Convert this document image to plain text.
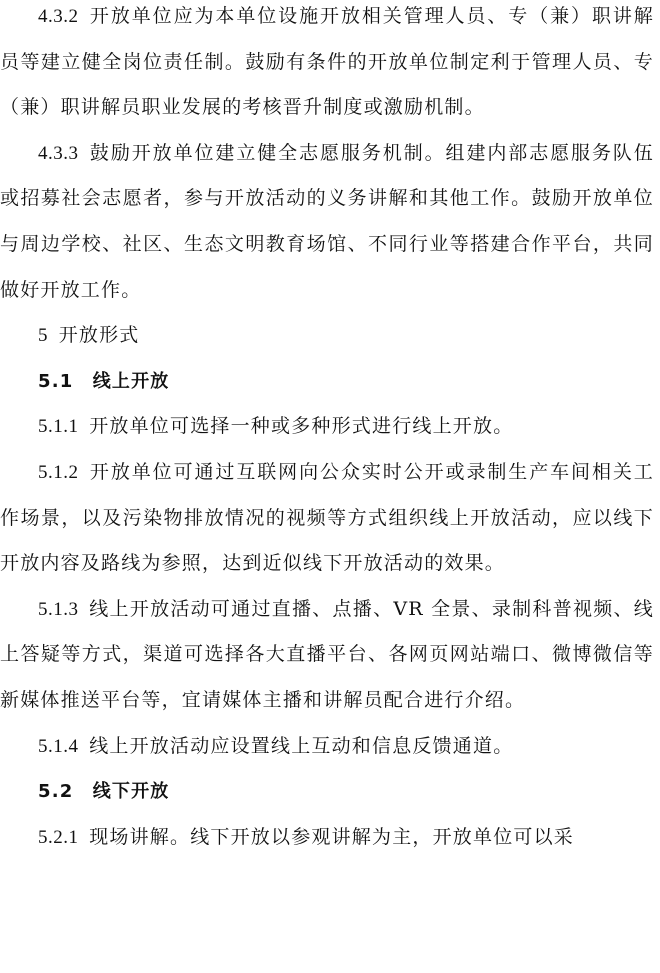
4.3.2  开放单位应为本单位设施开放相关管理人员、专（兼）职讲解员等建立健全岗位责任制。鼓励有条件的开放单位制定利于管理人员、专（兼）职讲解员职业发展的考核晋升制度或激励机制。

4.3.3  鼓励开放单位建立健全志愿服务机制。组建内部志愿服务队伍或招募社会志愿者，参与开放活动的义务讲解和其他工作。鼓励开放单位与周边学校、社区、生态文明教育场馆、不同行业等搭建合作平台，共同做好开放工作。

5  开放形式

5.1  线上开放

5.1.1  开放单位可选择一种或多种形式进行线上开放。

5.1.2  开放单位可通过互联网向公众实时公开或录制生产车间相关工作场景，以及污染物排放情况的视频等方式组织线上开放活动，应以线下开放内容及路线为参照，达到近似线下开放活动的效果。

5.1.3  线上开放活动可通过直播、点播、VR 全景、录制科普视频、线上答疑等方式，渠道可选择各大直播平台、各网页网站端口、微博微信等新媒体推送平台等，宜请媒体主播和讲解员配合进行介绍。

5.1.4  线上开放活动应设置线上互动和信息反馈通道。

5.2  线下开放

5.2.1  现场讲解。线下开放以参观讲解为主，开放单位可以采
